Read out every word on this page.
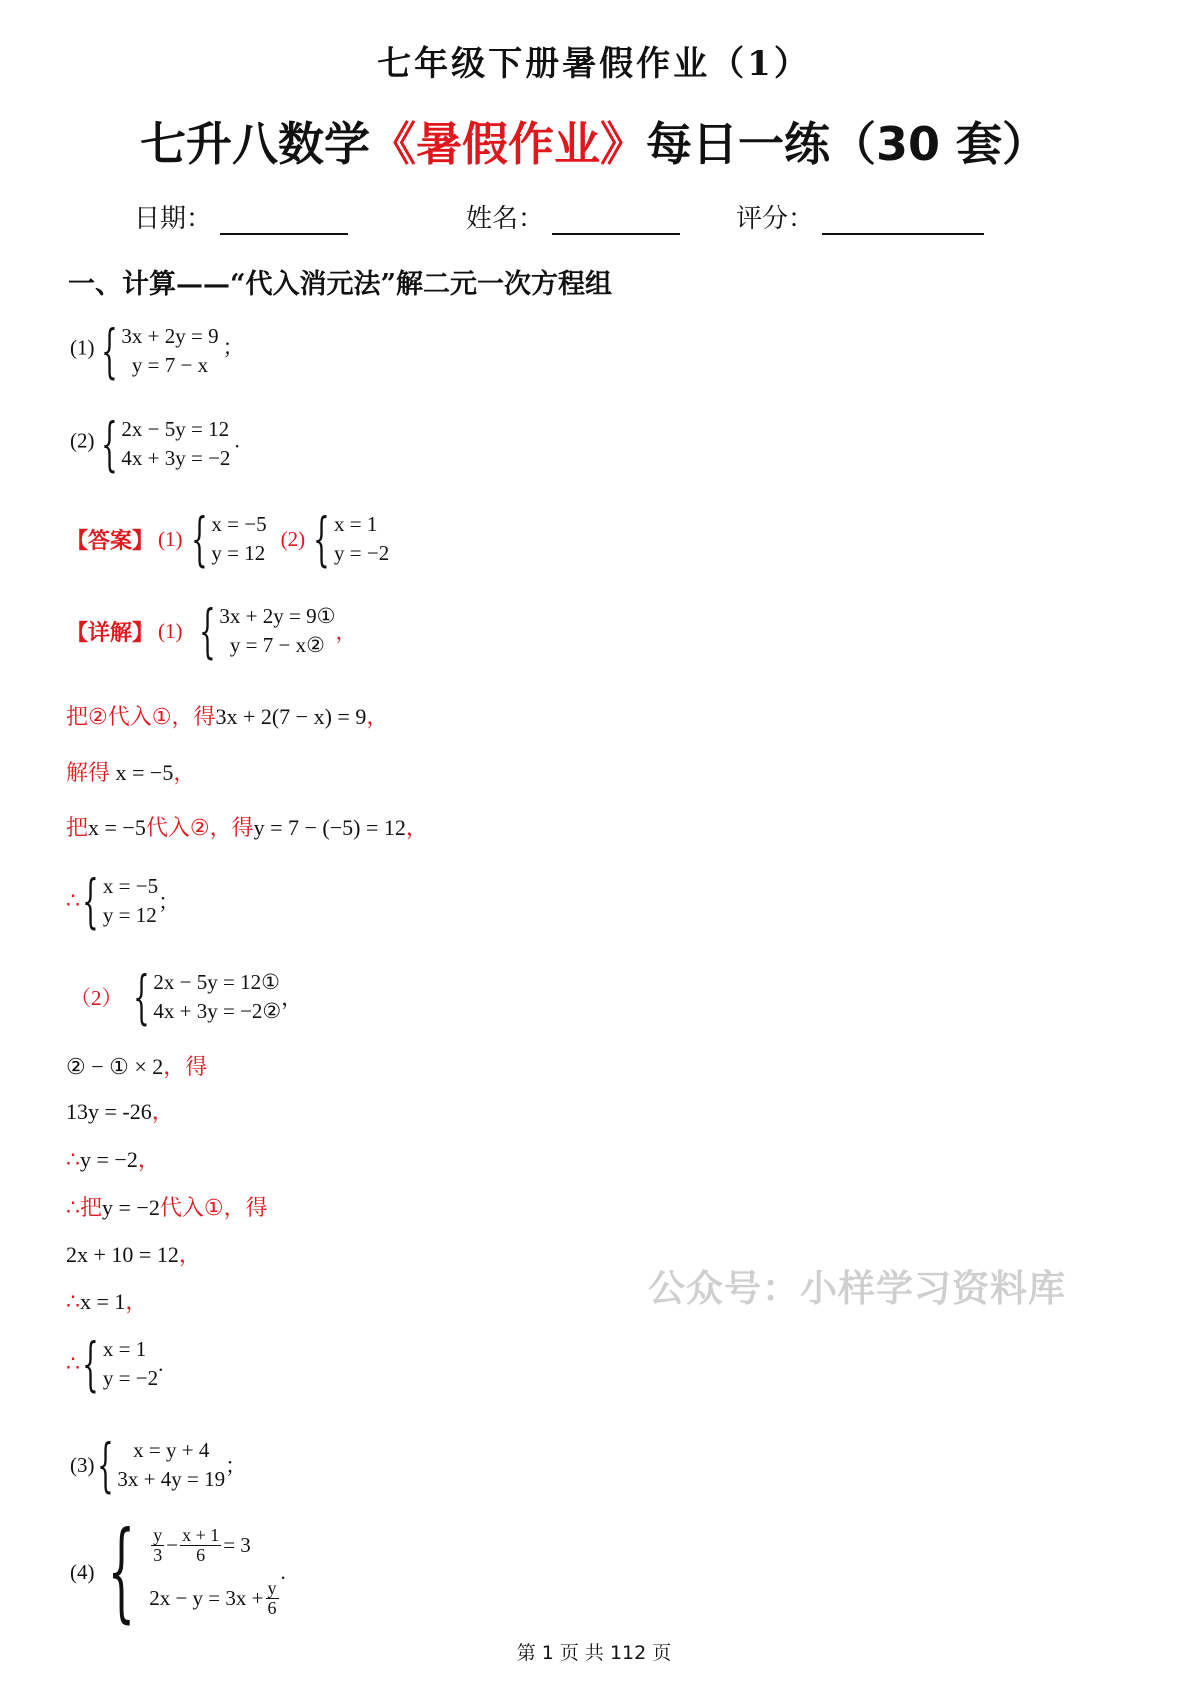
七年级下册暑假作业（1）
七升八数学《暑假作业》每日一练（30 套）
日期：	姓名：	评分：
一、计算——“代入消元法”解二元一次方程组
(1) { 3x + 2y = 9
y = 7 − x
；
(2) { 2x − 5y = 12
4x + 3y = −2
.
【答案】 (1) { x = −5
y = 12
(2) { x = 1
y = −2
【详解】 (1) { 3x + 2y = 9①
y = 7 − x②
，
把②代入①，得3x + 2(7 − x) = 9，
解得 x = −5，
把x = −5代入②，得y = 7 − (−5) = 12，
∴ { x = −5
y = 12
；
（2） { 2x − 5y = 12①
4x + 3y = −2②
，
② − ① × 2，得
13y = -26，
∴y = −2，
∴把y = −2代入①，得
2x + 10 = 12，
∴x = 1，
∴ { x = 1
y = −2
.
公众号：小样学习资料库
(3) { x = y + 4
3x + 4y = 19
；
(4) { $\frac{y}{3} - \frac{x + 1}{6} = 3$
$2x - y = 3x + \frac{y}{6}$
.
第 1 页 共 112 页
